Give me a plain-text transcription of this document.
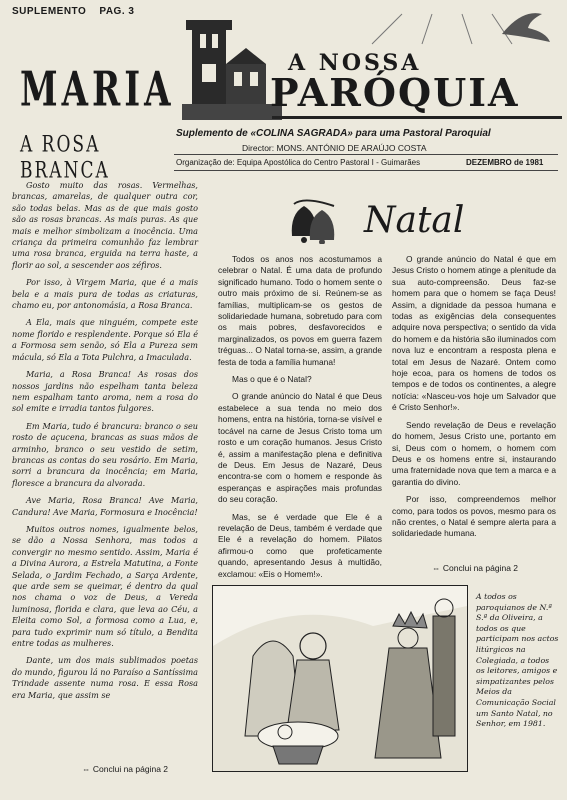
SUPLEMENTO PAG. 3
MARIA
A ROSA BRANCA
A NOSSA
PARÓQUIA
Suplemento de «COLINA SAGRADA» para uma Pastoral Paroquial
Director: MONS. ANTÓNIO DE ARAÚJO COSTA
Organização de: Equipa Apostólica do Centro Pastoral I - Guimarães	DEZEMBRO de 1981

Gosto muito das rosas. Vermelhas, brancas, amarelas, de qualquer outra cor, são todas belas. Mas as de que mais gosto são as rosas brancas. As mais puras. As que mais e melhor simbolizam a inocência. Uma criança da primeira comunhão faz lembrar uma rosa branca, erguida na terra haste, a florir ao sol, a sescender aos zéfiros.

Por isso, à Virgem Maria, que é a mais bela e a mais pura de todas as criaturas, chamo eu, por antonomásia, a Rosa Branca.

A Ela, mais que ninguém, compete este nome florido e resplendente. Porque só Ela é a Formosa sem senão, só Ela a Pureza sem mácula, só Ela a Tota Pulchra, a Imaculada.

Maria, a Rosa Branca! As rosas dos nossos jardins não espelham tanta beleza nem espalham tanto aroma, nem a rosa do sol emite e irradia tantos fulgores.

Em Maria, tudo é brancura: branco o seu rosto de açucena, brancas as suas mãos de arminho, branco o seu vestido de setim, brancas as contas do seu rosário. Em Maria, sorri a brancura da inocência; em Maria, floresce a brancura da alvorada.

Ave Maria, Rosa Branca! Ave Maria, Candura! Ave Maria, Formosura e Inocência!

Muitos outros nomes, igualmente belos, se dão a Nossa Senhora, mas todos a convergir no mesmo sentido. Assim, Maria é a Divina Aurora, a Estrela Matutina, a Fonte Selada, o Jardim Fechado, a Sarça Ardente, que arde sem se queimar, é dentro da qual nos chama o voz de Deus, a Vereda luminosa, florida e clara, que leva ao Céu, a Eleita como Sol, a formosa como a Lua, e, para tudo exprimir num só título, a Bendita entre todas as mulheres.

Dante, um dos mais sublimados poetas do mundo, figurou lá no Paraíso a Santíssima Trindade assente numa rosa. E essa Rosa era Maria, que assim se

⇔ Conclui na página 2
Natal

Todos os anos nos acostumamos a celebrar o Natal. É uma data de profundo significado humano. Todo o homem sente o outro mais próximo de si. Reúnem-se as famílias, multiplicam-se os gestos de solidariedade humana, sobretudo para com os mais pobres, desfavorecidos e marginalizados, os povos em guerra fazem tréguas... O Natal torna-se, assim, a grande festa de toda a família humana!

Mas o que é o Natal?

O grande anúncio do Natal é que Deus estabelece a sua tenda no meio dos homens, entra na história, torna-se visível e tocável na carne de Jesus Cristo toma um rosto e um coração humanos. Jesus Cristo é, assim a manifestação plena e definitiva de Deus. Em Jesus de Nazaré, Deus encontra-se com o homem e responde às esperanças e aspirações mais profundas do seu coração.

Mas, se é verdade que Ele é a revelação de Deus, também é verdade que Ele é a revelação do homem. Pilatos afirmou-o como que profeticamente quando, apresentando Jesus à multidão, exclamou: «Eis o Homem!».

O grande anúncio do Natal é que em Jesus Cristo o homem atinge a plenitude da sua auto-compreensão. Deus faz-se homem para que o homem se faça Deus! Assim, a dignidade da pessoa humana e todas as exigências dela consequentes adquire nova perspectiva; o sentido da vida do homem e da história são iluminados com nova luz e encontram a resposta plena e total em Jesus de Nazaré. Ontem como hoje ecoa, para os homens de todos os tempos e de todos os continentes, a alegre notícia: «Nasceu-vos hoje um Salvador que é Cristo Senhor!».

Sendo revelação de Deus e revelação do homem, Jesus Cristo une, portanto em si, Deus com o homem, o homem com Deus e os homens entre si, instaurando uma fraternidade nova que tem a marca e a garantia do divino.

Por isso, compreendemos melhor como, para todos os povos, mesmo para os não crentes, o Natal é sempre alerta para a solidariedade humana.

⇔ Conclui na página 2
A todos os paroquianos de N.ª S.ª da Oliveira, a todos os que participam nos actos litúrgicos na Colegiada, a todos os leitores, amigos e simpatizantes pelos Meios da Comunicação Social um Santo Natal, no Senhor, em 1981.
